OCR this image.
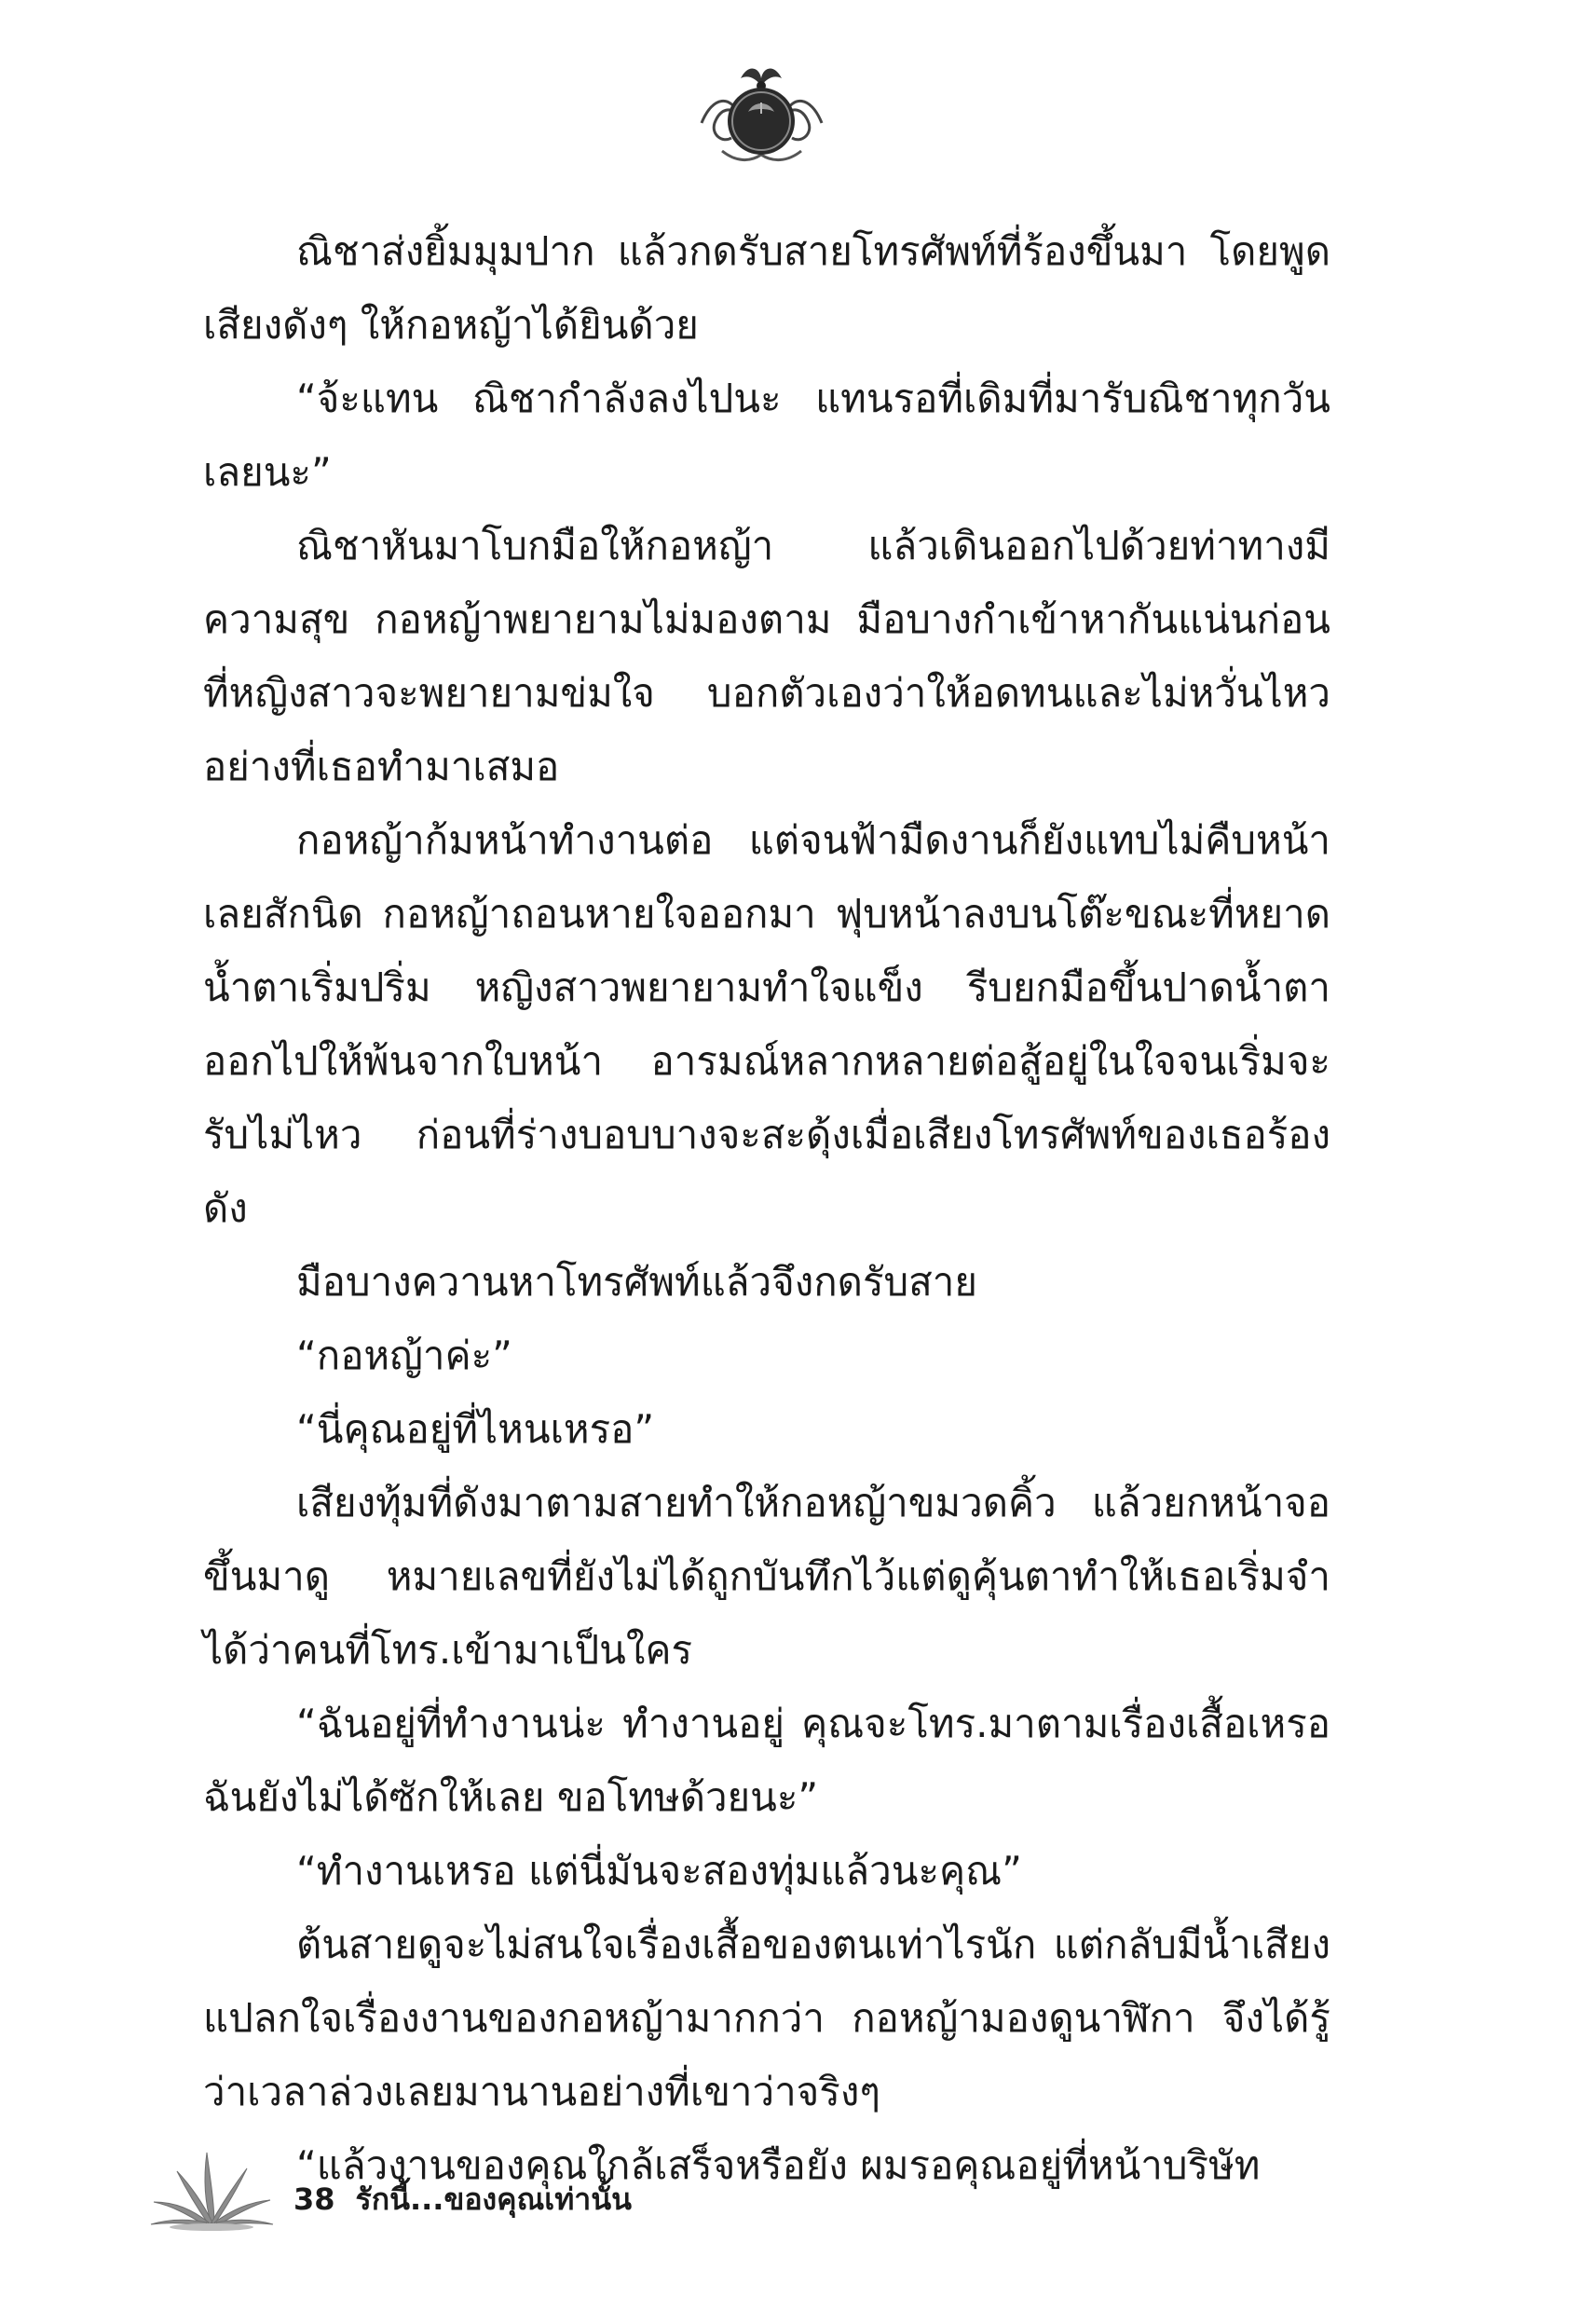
ณิชาส่งยิ้มมุมปาก แล้วกดรับสายโทรศัพท์ที่ร้องขึ้นมา โดยพูดเสียงดังๆ ให้กอหญ้าได้ยินด้วย

“จ้ะแทน ณิชากำลังลงไปนะ แทนรอที่เดิมที่มารับณิชาทุกวันเลยนะ”

ณิชาหันมาโบกมือให้กอหญ้า แล้วเดินออกไปด้วยท่าทางมีความสุข กอหญ้าพยายามไม่มองตาม มือบางกำเข้าหากันแน่นก่อนที่หญิงสาวจะพยายามข่มใจ บอกตัวเองว่าให้อดทนและไม่หวั่นไหวอย่างที่เธอทำมาเสมอ

กอหญ้าก้มหน้าทำงานต่อ แต่จนฟ้ามืดงานก็ยังแทบไม่คืบหน้าเลยสักนิด กอหญ้าถอนหายใจออกมา ฟุบหน้าลงบนโต๊ะขณะที่หยาดน้ำตาเริ่มปริ่ม หญิงสาวพยายามทำใจแข็ง รีบยกมือขึ้นปาดน้ำตาออกไปให้พ้นจากใบหน้า อารมณ์หลากหลายต่อสู้อยู่ในใจจนเริ่มจะรับไม่ไหว ก่อนที่ร่างบอบบางจะสะดุ้งเมื่อเสียงโทรศัพท์ของเธอร้องดัง

มือบางควานหาโทรศัพท์แล้วจึงกดรับสาย

“กอหญ้าค่ะ”

“นี่คุณอยู่ที่ไหนเหรอ”

เสียงทุ้มที่ดังมาตามสายทำให้กอหญ้าขมวดคิ้ว แล้วยกหน้าจอขึ้นมาดู หมายเลขที่ยังไม่ได้ถูกบันทึกไว้แต่ดูคุ้นตาทำให้เธอเริ่มจำได้ว่าคนที่โทร.เข้ามาเป็นใคร

“ฉันอยู่ที่ทำงานน่ะ ทำงานอยู่ คุณจะโทร.มาตามเรื่องเสื้อเหรอ ฉันยังไม่ได้ซักให้เลย ขอโทษด้วยนะ”

“ทำงานเหรอ แต่นี่มันจะสองทุ่มแล้วนะคุณ”

ต้นสายดูจะไม่สนใจเรื่องเสื้อของตนเท่าไรนัก แต่กลับมีน้ำเสียงแปลกใจเรื่องงานของกอหญ้ามากกว่า กอหญ้ามองดูนาฬิกา จึงได้รู้ว่าเวลาล่วงเลยมานานอย่างที่เขาว่าจริงๆ

“แล้วงานของคุณใกล้เสร็จหรือยัง ผมรอคุณอยู่ที่หน้าบริษัท

38 รักนี้...ของคุณเท่านั้น
